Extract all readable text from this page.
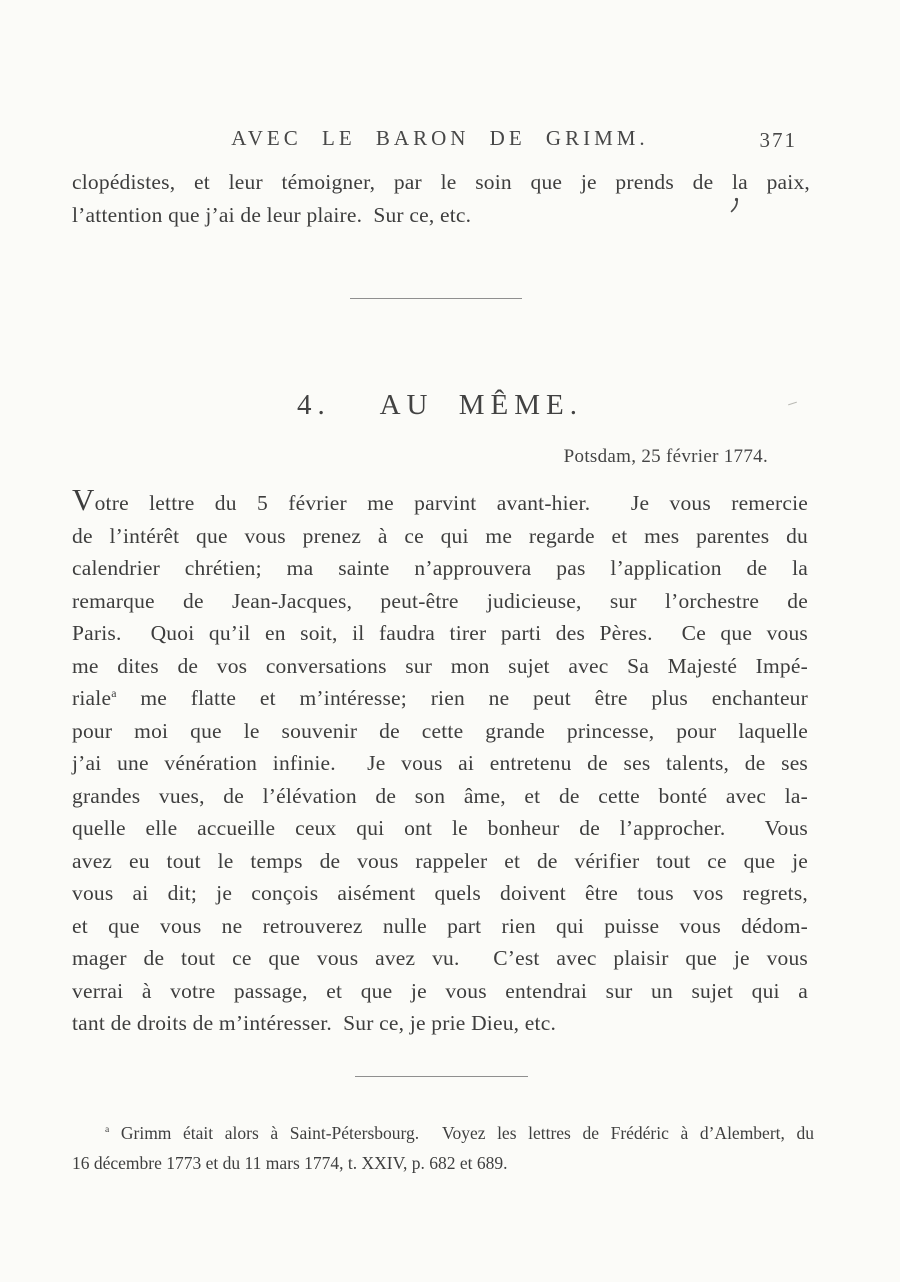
AVEC LE BARON DE GRIMM.	371
clopédistes, et leur témoigner, par le soin que je prends de la paix,
l’attention que j’ai de leur plaire.  Sur ce, etc.
4.  AU MÊME.
Potsdam, 25 février 1774.
Votre lettre du 5 février me parvint avant-hier.  Je vous remercie
de l’intérêt que vous prenez à ce qui me regarde et mes parentes du
calendrier chrétien; ma sainte n’approuvera pas l’application de la
remarque de Jean-Jacques, peut-être judicieuse, sur l’orchestre de
Paris.  Quoi qu’il en soit, il faudra tirer parti des Pères.  Ce que vous
me dites de vos conversations sur mon sujet avec Sa Majesté Impé-
riale$^a$ me flatte et m’intéresse; rien ne peut être plus enchanteur
pour moi que le souvenir de cette grande princesse, pour laquelle
j’ai une vénération infinie.  Je vous ai entretenu de ses talents, de ses
grandes vues, de l’élévation de son âme, et de cette bonté avec la-
quelle elle accueille ceux qui ont le bonheur de l’approcher.  Vous
avez eu tout le temps de vous rappeler et de vérifier tout ce que je
vous ai dit; je conçois aisément quels doivent être tous vos regrets,
et que vous ne retrouverez nulle part rien qui puisse vous dédom-
mager de tout ce que vous avez vu.  C’est avec plaisir que je vous
verrai à votre passage, et que je vous entendrai sur un sujet qui a
tant de droits de m’intéresser.  Sur ce, je prie Dieu, etc.
$^a$ Grimm était alors à Saint-Pétersbourg.  Voyez les lettres de Frédéric à d’Alembert, du
16 décembre 1773 et du 11 mars 1774, t. XXIV, p. 682 et 689.
